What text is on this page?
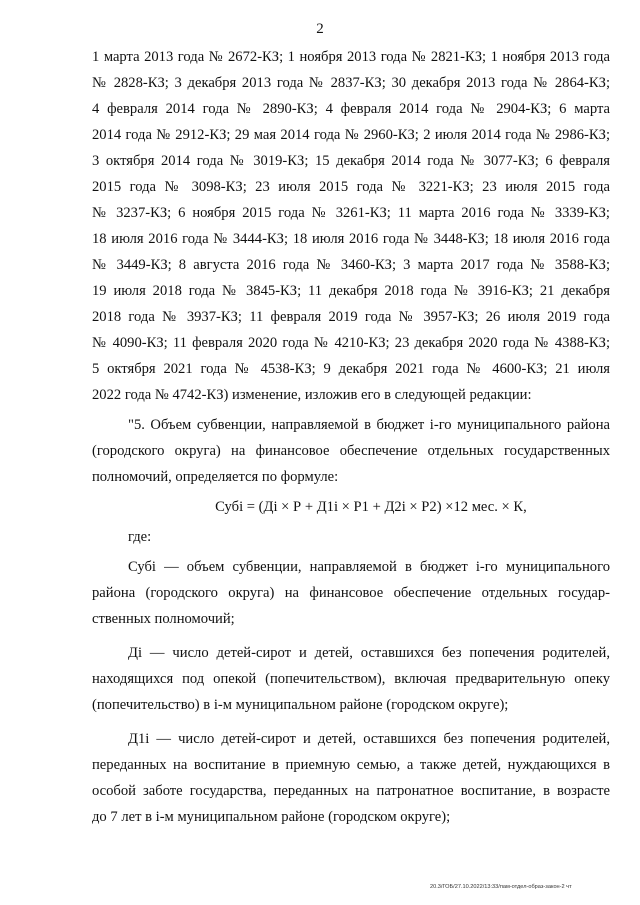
2
1 марта 2013 года № 2672-КЗ; 1 ноября 2013 года № 2821-КЗ; 1 ноября 2013 года
№ 2828-КЗ; 3 декабря 2013 года № 2837-КЗ; 30 декабря 2013 года № 2864-КЗ;
4 февраля 2014 года № 2890-КЗ; 4 февраля 2014 года № 2904-КЗ; 6 марта
2014 года № 2912-КЗ; 29 мая 2014 года № 2960-КЗ; 2 июля 2014 года № 2986-КЗ;
3 октября 2014 года № 3019-КЗ; 15 декабря 2014 года № 3077-КЗ; 6 февраля
2015 года № 3098-КЗ; 23 июля 2015 года № 3221-КЗ; 23 июля 2015 года
№ 3237-КЗ; 6 ноября 2015 года № 3261-КЗ; 11 марта 2016 года № 3339-КЗ;
18 июля 2016 года № 3444-КЗ; 18 июля 2016 года № 3448-КЗ; 18 июля 2016 года
№ 3449-КЗ; 8 августа 2016 года № 3460-КЗ; 3 марта 2017 года № 3588-КЗ;
19 июля 2018 года № 3845-КЗ; 11 декабря 2018 года № 3916-КЗ; 21 декабря
2018 года № 3937-КЗ; 11 февраля 2019 года № 3957-КЗ; 26 июля 2019 года
№ 4090-КЗ; 11 февраля 2020 года № 4210-КЗ; 23 декабря 2020 года № 4388-КЗ;
5 октября 2021 года № 4538-КЗ; 9 декабря 2021 года № 4600-КЗ; 21 июля
2022 года № 4742-КЗ) изменение, изложив его в следующей редакции:
"5. Объем субвенции, направляемой в бюджет i-го муниципального района
(городского округа) на финансовое обеспечение отдельных государственных
полномочий, определяется по формуле:
Субi = (Дi × Р + Д1i × Р1 + Д2i × Р2) ×12 мес. × К,
где:
Субi — объем субвенции, направляемой в бюджет i-го муниципального
района (городского округа) на финансовое обеспечение отдельных государ-
ственных полномочий;
Дi — число детей-сирот и детей, оставшихся без попечения родителей,
находящихся под опекой (попечительством), включая предварительную опеку
(попечительство) в i-м муниципальном районе (городском округе);
Д1i — число детей-сирот и детей, оставшихся без попечения родителей,
переданных на воспитание в приемную семью, а также детей, нуждающихся в
особой заботе государства, переданных на патронатное воспитание, в возрасте
до 7 лет в i-м муниципальном районе (городском округе);
20.3/ГОБ/27.10.2022/13:33/пам-отдел-образ-закон-2 чт
